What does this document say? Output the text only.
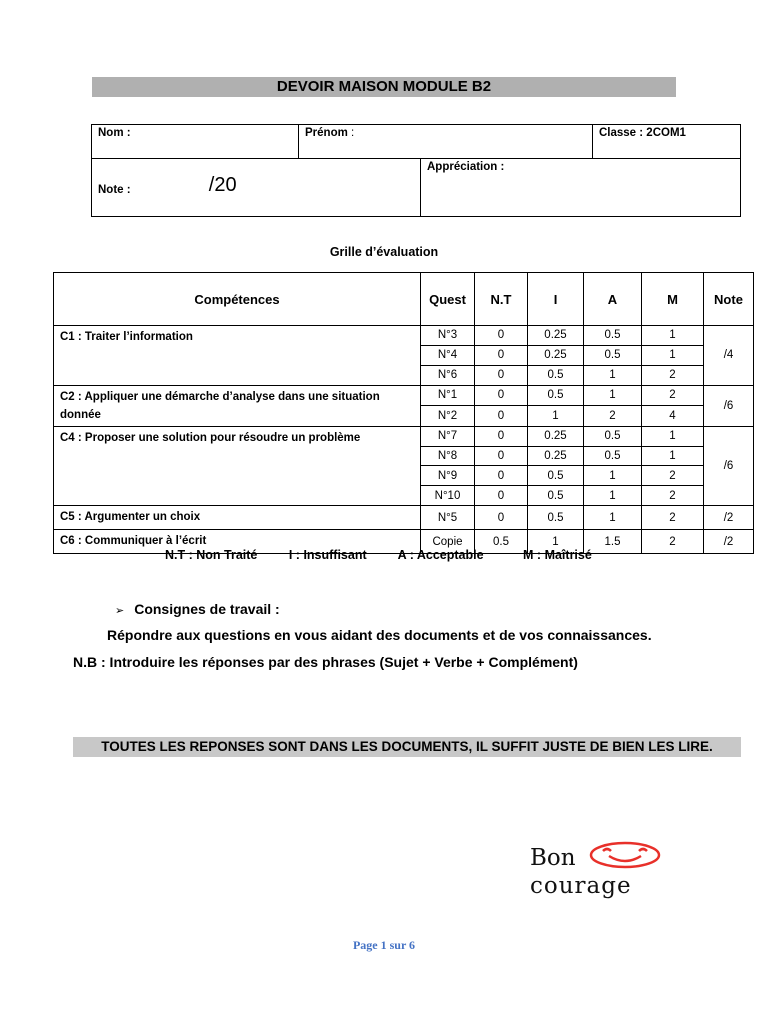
DEVOIR MAISON MODULE B2
Nom :	Prénom :		Classe : 2COM1
Note : /20		Appréciation :	
Grille d’évaluation
Compétences	Quest	N.T	I	A	M	Note
C1 : Traiter l’information	N°3	0	0.25	0.5	1	/4
	N°4	0	0.25	0.5	1	
	N°6	0	0.5	1	2	
C2 : Appliquer une démarche d’analyse dans une situation donnée	N°1	0	0.5	1	2	/6
	N°2	0	1	2	4	
C4 : Proposer une solution pour résoudre un problème	N°7	0	0.25	0.5	1	/6
	N°8	0	0.25	0.5	1	
	N°9	0	0.5	1	2	
	N°10	0	0.5	1	2	
C5 : Argumenter un choix	N°5	0	0.5	1	2	/2
C6 : Communiquer à l’écrit	Copie	0.5	1	1.5	2	/2
N.T : Non Traité	I : Insuffisant A : Acceptable	M : Maîtrisé
➢ Consignes de travail :
Répondre aux questions en vous aidant des documents et de vos connaissances.
N.B : Introduire les réponses par des phrases (Sujet + Verbe + Complément)
TOUTES LES REPONSES SONT DANS LES DOCUMENTS, IL SUFFIT JUSTE DE BIEN LES LIRE.
Bon
courage
Page 1 sur 6
